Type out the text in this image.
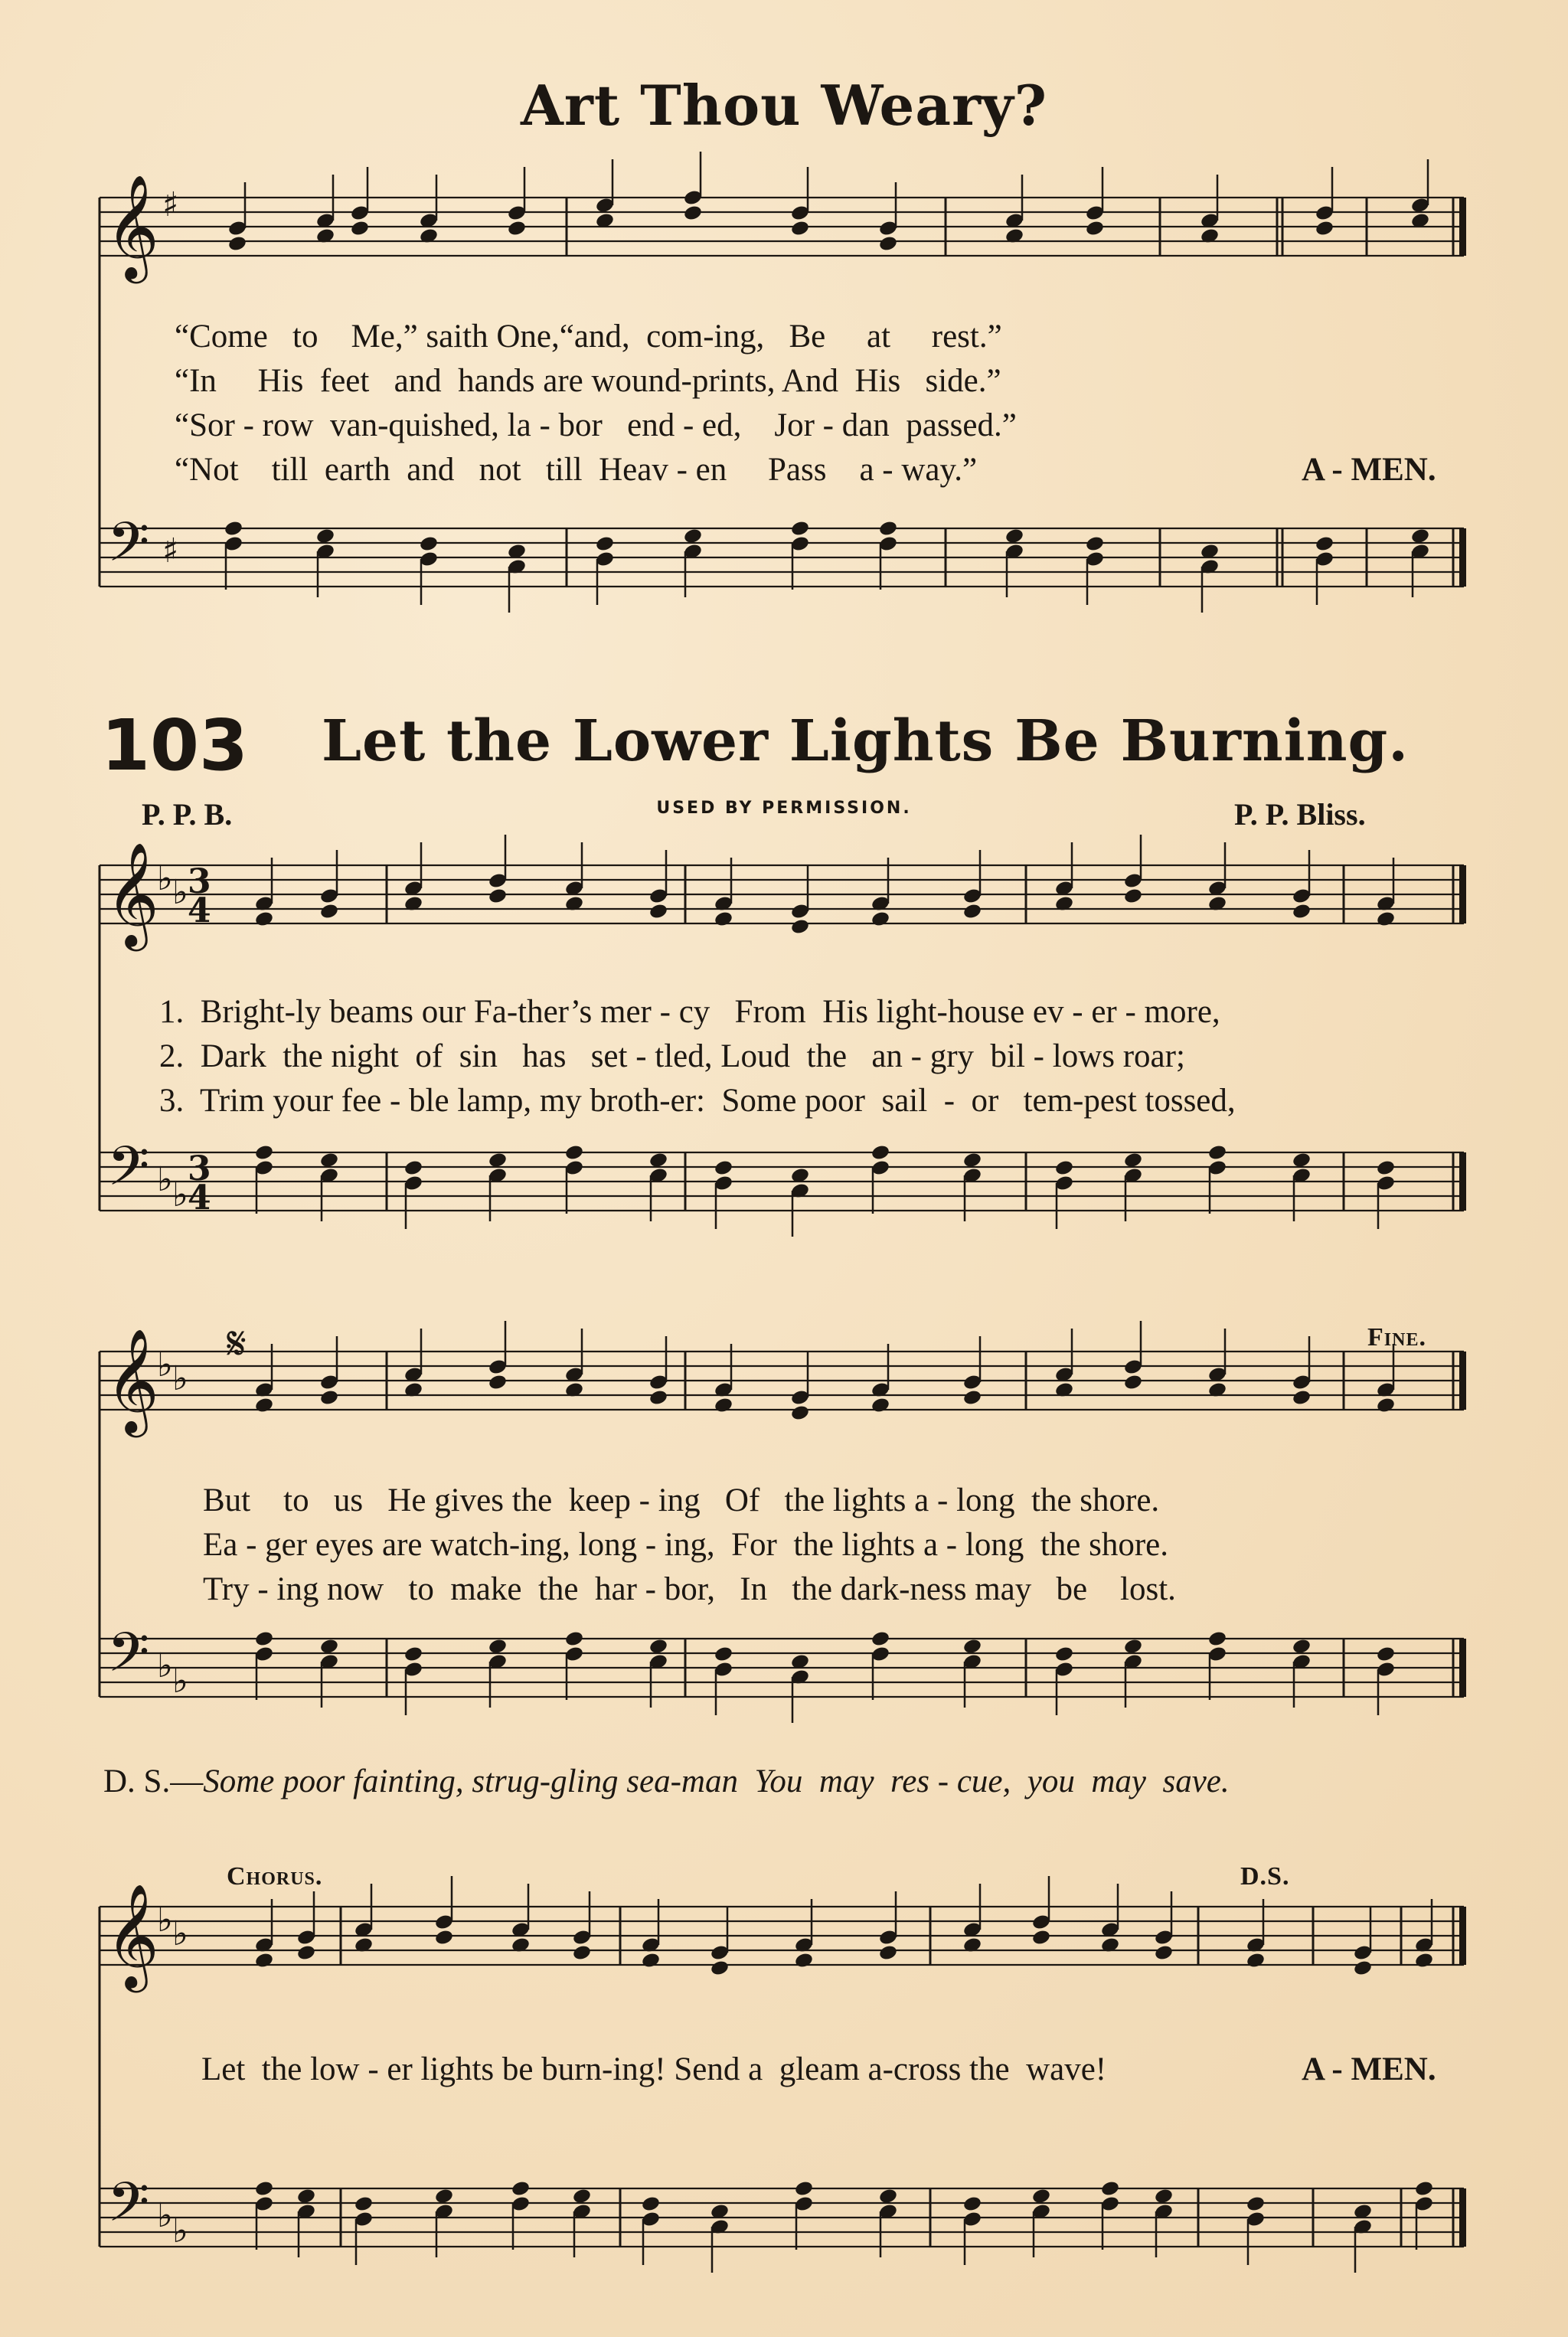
Art Thou Weary?
𝄞
𝄢
♯
♯
𝄞
𝄢
♭ ♭
♭ ♭
3
4
3
4
𝄞
𝄢
♭ ♭
♭ ♭
𝄞
𝄢
♭ ♭
♭ ♭
“Come   to    Me,” saith One,“and,  com-ing,   Be     at     rest.”
“In     His  feet   and  hands are wound-prints, And  His   side.”
“Sor - row  van-quished, la - bor   end - ed,    Jor - dan  passed.”
“Not    till  earth  and   not   till  Heav - en     Pass    a - way.”	A - MEN.
103 Let the Lower Lights Be Burning.
P. P. B.	USED BY PERMISSION.	P. P. Bliss.
1.  Bright-ly beams our Fa-ther’s mer - cy   From  His light-house ev - er - more,
2.  Dark  the night  of  sin   has   set - tled, Loud  the   an - gry  bil - lows roar;
3.  Trim your fee - ble lamp, my broth-er:  Some poor  sail  -  or   tem-pest tossed,
𝄋	Fine.
But    to   us   He gives the  keep - ing   Of   the lights a - long  the shore.
Ea - ger eyes are watch-ing, long - ing,  For  the lights a - long  the shore.
Try - ing now   to  make  the  har - bor,   In   the dark-ness may   be    lost.
D. S.—Some poor fainting, strug-gling sea-man  You  may  res - cue,  you  may  save.
Chorus.	D.S.
Let  the low - er lights be burn-ing! Send a  gleam a-cross the  wave!	A - MEN.
